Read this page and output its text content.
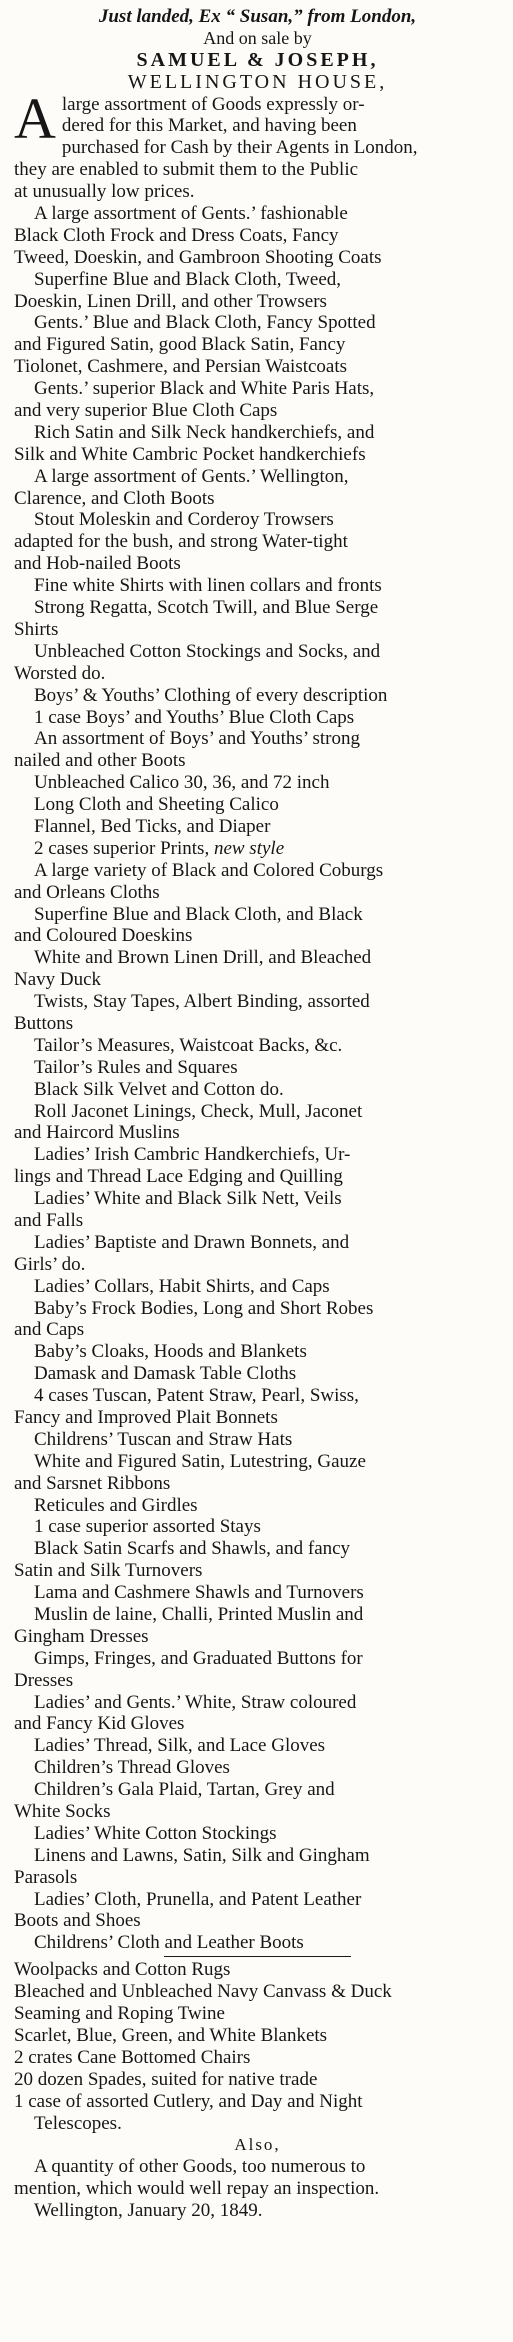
Just landed, Ex “ Susan,” from London,
And on sale by
SAMUEL & JOSEPH,
WELLINGTON HOUSE,
A large assortment of Goods expressly or-
dered for this Market, and having been
purchased for Cash by their Agents in London,
they are enabled to submit them to the Public
at unusually low prices.
A large assortment of Gents.’ fashionable
Black Cloth Frock and Dress Coats, Fancy
Tweed, Doeskin, and Gambroon Shooting Coats
Superfine Blue and Black Cloth, Tweed,
Doeskin, Linen Drill, and other Trowsers
Gents.’ Blue and Black Cloth, Fancy Spotted
and Figured Satin, good Black Satin, Fancy
Tiolonet, Cashmere, and Persian Waistcoats
Gents.’ superior Black and White Paris Hats,
and very superior Blue Cloth Caps
Rich Satin and Silk Neck handkerchiefs, and
Silk and White Cambric Pocket handkerchiefs
A large assortment of Gents.’ Wellington,
Clarence, and Cloth Boots
Stout Moleskin and Corderoy Trowsers
adapted for the bush, and strong Water-tight
and Hob-nailed Boots
Fine white Shirts with linen collars and fronts
Strong Regatta, Scotch Twill, and Blue Serge
Shirts
Unbleached Cotton Stockings and Socks, and
Worsted do.
Boys’ & Youths’ Clothing of every description
1 case Boys’ and Youths’ Blue Cloth Caps
An assortment of Boys’ and Youths’ strong
nailed and other Boots
Unbleached Calico 30, 36, and 72 inch
Long Cloth and Sheeting Calico
Flannel, Bed Ticks, and Diaper
2 cases superior Prints, new style
A large variety of Black and Colored Coburgs
and Orleans Cloths
Superfine Blue and Black Cloth, and Black
and Coloured Doeskins
White and Brown Linen Drill, and Bleached
Navy Duck
Twists, Stay Tapes, Albert Binding, assorted
Buttons
Tailor’s Measures, Waistcoat Backs, &c.
Tailor’s Rules and Squares
Black Silk Velvet and Cotton do.
Roll Jaconet Linings, Check, Mull, Jaconet
and Haircord Muslins
Ladies’ Irish Cambric Handkerchiefs, Ur-
lings and Thread Lace Edging and Quilling
Ladies’ White and Black Silk Nett, Veils
and Falls
Ladies’ Baptiste and Drawn Bonnets, and
Girls’ do.
Ladies’ Collars, Habit Shirts, and Caps
Baby’s Frock Bodies, Long and Short Robes
and Caps
Baby’s Cloaks, Hoods and Blankets
Damask and Damask Table Cloths
4 cases Tuscan, Patent Straw, Pearl, Swiss,
Fancy and Improved Plait Bonnets
Childrens’ Tuscan and Straw Hats
White and Figured Satin, Lutestring, Gauze
and Sarsnet Ribbons
Reticules and Girdles
1 case superior assorted Stays
Black Satin Scarfs and Shawls, and fancy
Satin and Silk Turnovers
Lama and Cashmere Shawls and Turnovers
Muslin de laine, Challi, Printed Muslin and
Gingham Dresses
Gimps, Fringes, and Graduated Buttons for
Dresses
Ladies’ and Gents.’ White, Straw coloured
and Fancy Kid Gloves
Ladies’ Thread, Silk, and Lace Gloves
Children’s Thread Gloves
Children’s Gala Plaid, Tartan, Grey and
White Socks
Ladies’ White Cotton Stockings
Linens and Lawns, Satin, Silk and Gingham
Parasols
Ladies’ Cloth, Prunella, and Patent Leather
Boots and Shoes
Childrens’ Cloth and Leather Boots
Woolpacks and Cotton Rugs
Bleached and Unbleached Navy Canvass & Duck
Seaming and Roping Twine
Scarlet, Blue, Green, and White Blankets
2 crates Cane Bottomed Chairs
20 dozen Spades, suited for native trade
1 case of assorted Cutlery, and Day and Night
Telescopes.
Also,
A quantity of other Goods, too numerous to
mention, which would well repay an inspection.
Wellington, January 20, 1849.
